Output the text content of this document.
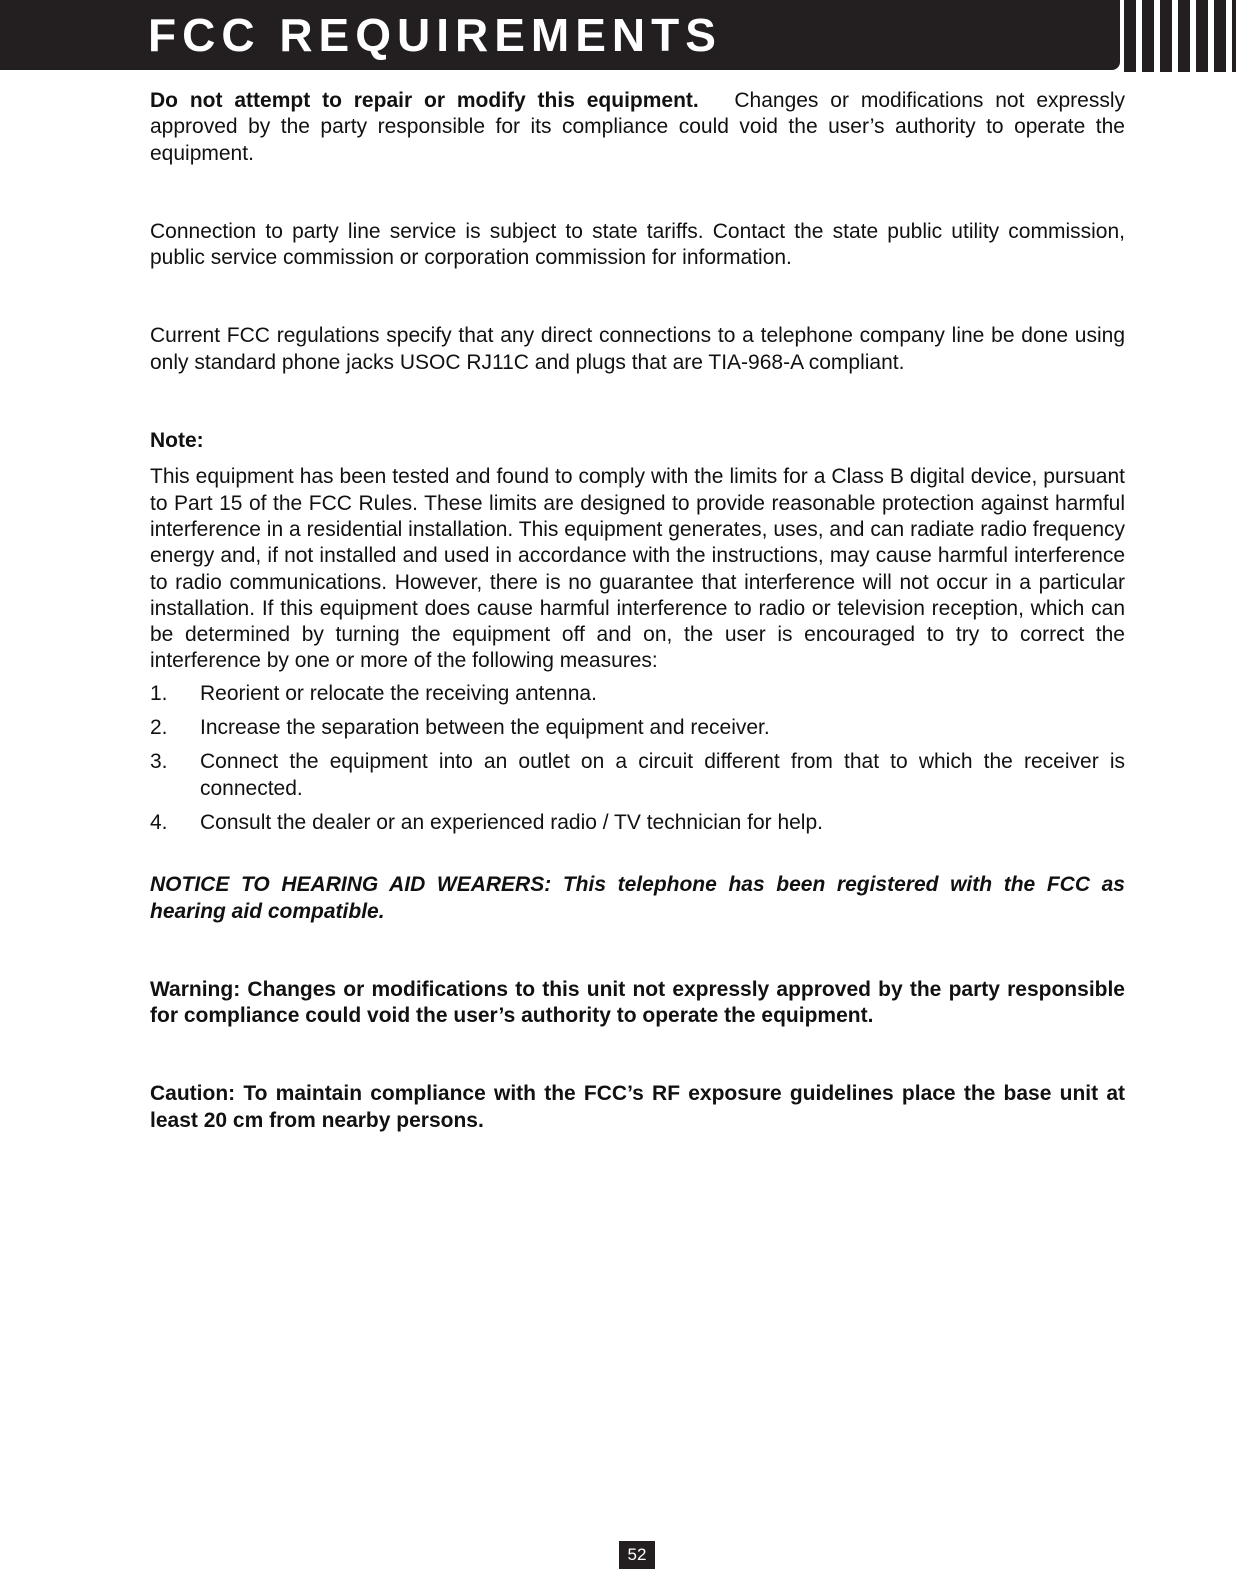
FCC REQUIREMENTS

Do not attempt to repair or modify this equipment. Changes or modifications not expressly approved by the party responsible for its compliance could void the user’s authority to operate the equipment.

Connection to party line service is subject to state tariffs. Contact the state public utility commission, public service commission or corporation commission for information.

Current FCC regulations specify that any direct connections to a telephone company line be done using only standard phone jacks USOC RJ11C and plugs that are TIA-968-A compliant.

Note:

This equipment has been tested and found to comply with the limits for a Class B digital device, pursuant to Part 15 of the FCC Rules. These limits are designed to provide reasonable protection against harmful interference in a residential installation. This equipment generates, uses, and can radiate radio frequency energy and, if not installed and used in accordance with the instructions, may cause harmful interference to radio communications. However, there is no guarantee that interference will not occur in a particular installation. If this equipment does cause harmful interference to radio or television reception, which can be determined by turning the equipment off and on, the user is encouraged to try to correct the interference by one or more of the following measures:

1.	Reorient or relocate the receiving antenna.
2.	Increase the separation between the equipment and receiver.
3.	Connect the equipment into an outlet on a circuit different from that to which the receiver is connected.
4.	Consult the dealer or an experienced radio / TV technician for help.

NOTICE TO HEARING AID WEARERS: This telephone has been registered with the FCC as hearing aid compatible.

Warning: Changes or modifications to this unit not expressly approved by the party responsible for compliance could void the user’s authority to operate the equipment.

Caution: To maintain compliance with the FCC’s RF exposure guidelines place the base unit at least 20 cm from nearby persons.

52
